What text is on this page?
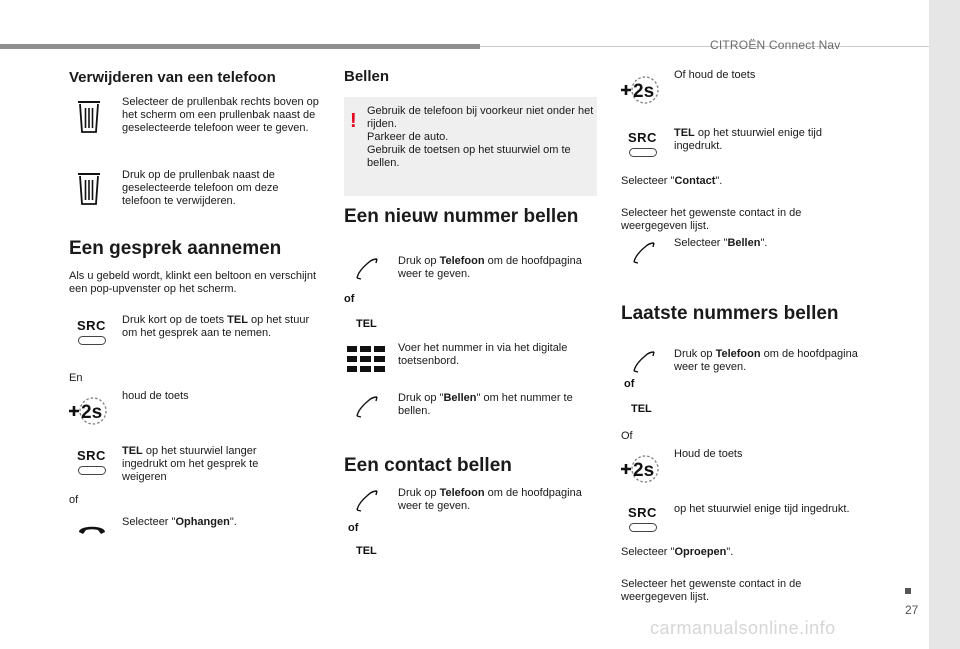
CITROËN Connect Nav
27
carmanualsonline.info
Verwijderen van een telefoon
Selecteer de prullenbak rechts boven op het scherm om een prullenbak naast de geselecteerde telefoon weer te geven.
Druk op de prullenbak naast de geselecteerde telefoon om deze telefoon te verwijderen.
Een gesprek aannemen
Als u gebeld wordt, klinkt een beltoon en verschijnt een pop-upvenster op het scherm.
SRC Druk kort op de toets TEL op het stuur om het gesprek aan te nemen.
En
2s
houd de toets
SRC TEL op het stuurwiel langer ingedrukt om het gesprek te weigeren
of
Selecteer "Ophangen".
Bellen
! Gebruik de telefoon bij voorkeur niet onder het rijden.
Parkeer de auto.
Gebruik de toetsen op het stuurwiel om te bellen.
Een nieuw nummer bellen
Druk op Telefoon om de hoofdpagina weer te geven.
of
TEL
Voer het nummer in via het digitale toetsenbord.
Druk op "Bellen" om het nummer te bellen.
Een contact bellen
Druk op Telefoon om de hoofdpagina weer te geven.
of
TEL
2s
Of houd de toets
SRC TEL op het stuurwiel enige tijd ingedrukt.
Selecteer "Contact".
Selecteer het gewenste contact in de weergegeven lijst.
Selecteer "Bellen".
Laatste nummers bellen
Druk op Telefoon om de hoofdpagina weer te geven.
of
TEL
Of
2s
Houd de toets
SRC op het stuurwiel enige tijd ingedrukt.
Selecteer "Oproepen".
Selecteer het gewenste contact in de weergegeven lijst.
